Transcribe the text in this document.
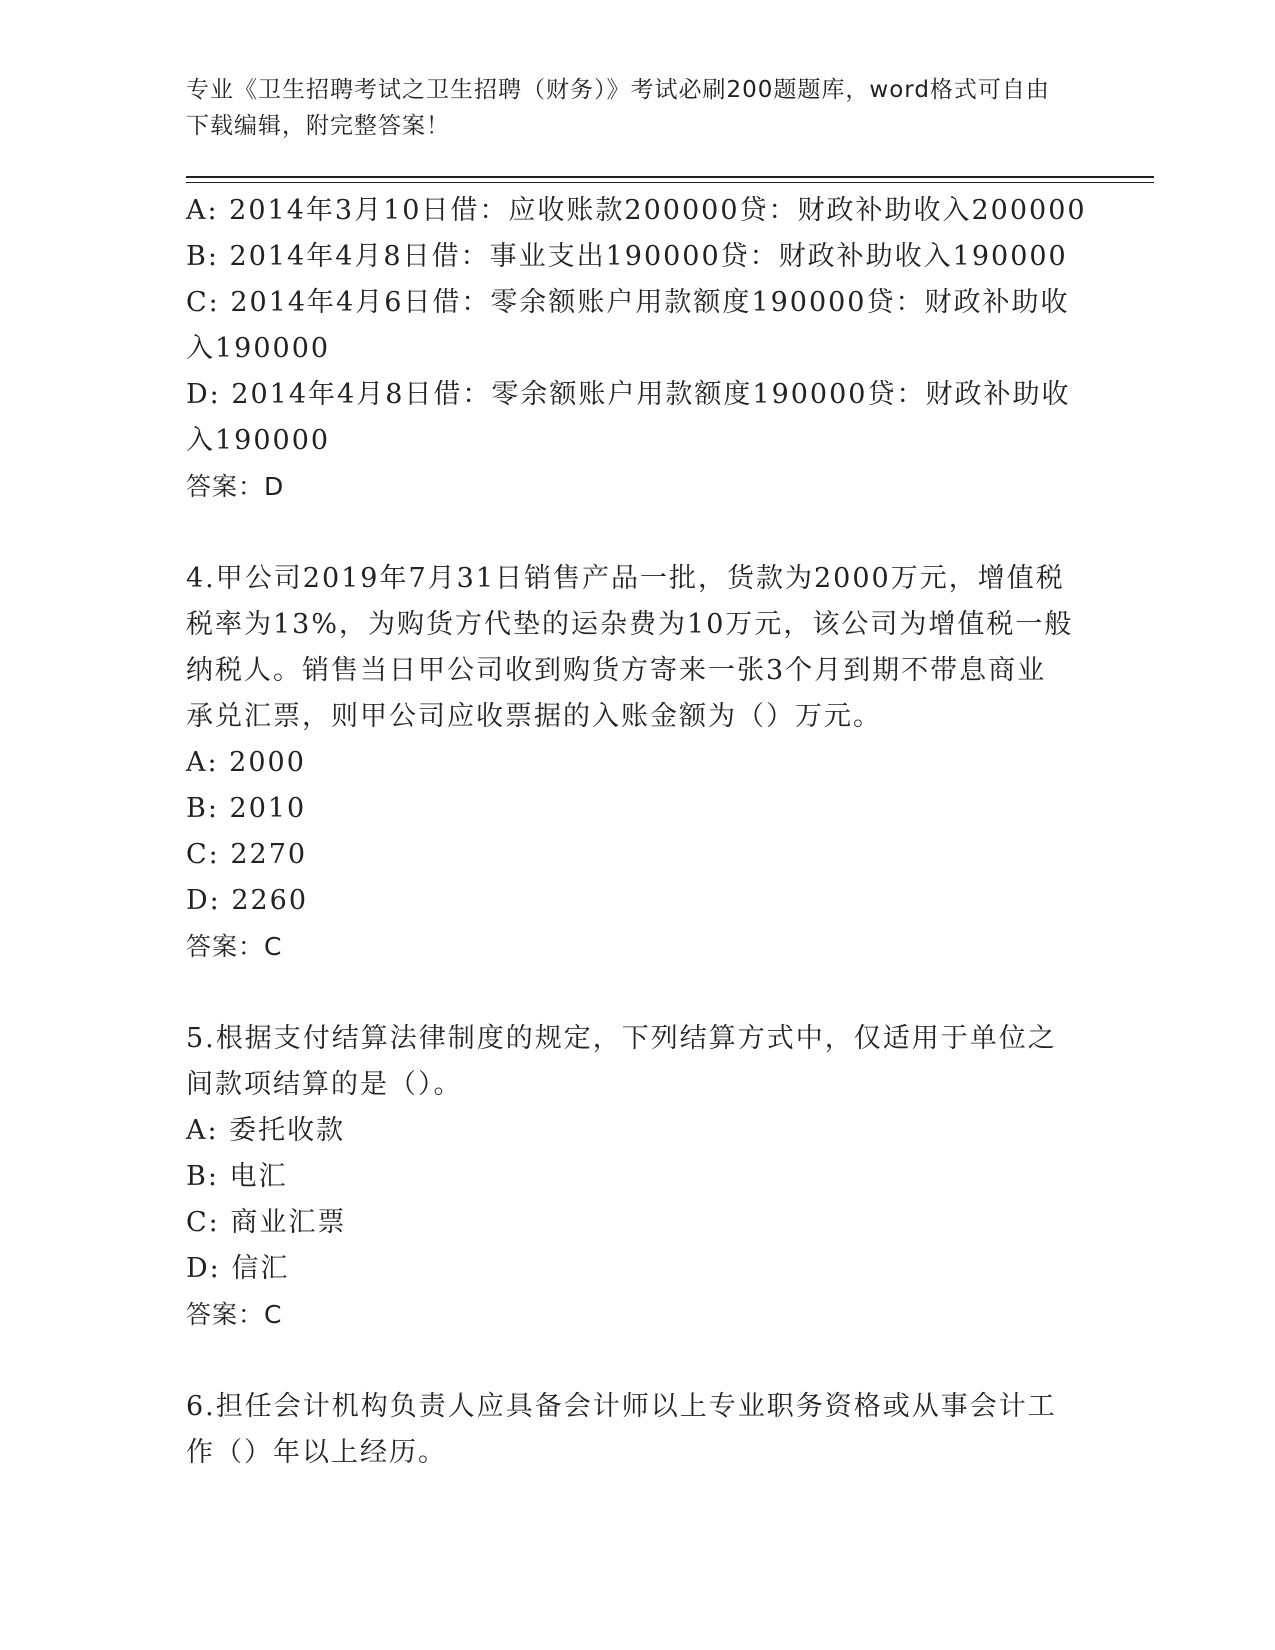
专业《卫生招聘考试之卫生招聘（财务）》考试必刷200题题库，word格式可自由下载编辑，附完整答案！
A: 2014年3月10日借：应收账款200000贷：财政补助收入200000
B: 2014年4月8日借：事业支出190000贷：财政补助收入190000
C: 2014年4月6日借：零余额账户用款额度190000贷：财政补助收
入190000
D: 2014年4月8日借：零余额账户用款额度190000贷：财政补助收
入190000
答案：D
4.甲公司2019年7月31日销售产品一批，货款为2000万元，增值税
税率为13%，为购货方代垫的运杂费为10万元，该公司为增值税一般
纳税人。销售当日甲公司收到购货方寄来一张3个月到期不带息商业
承兑汇票，则甲公司应收票据的入账金额为（）万元。
A: 2000
B: 2010
C: 2270
D: 2260
答案：C
5.根据支付结算法律制度的规定，下列结算方式中，仅适用于单位之
间款项结算的是（）。
A: 委托收款
B: 电汇
C: 商业汇票
D: 信汇
答案：C
6.担任会计机构负责人应具备会计师以上专业职务资格或从事会计工
作（）年以上经历。
